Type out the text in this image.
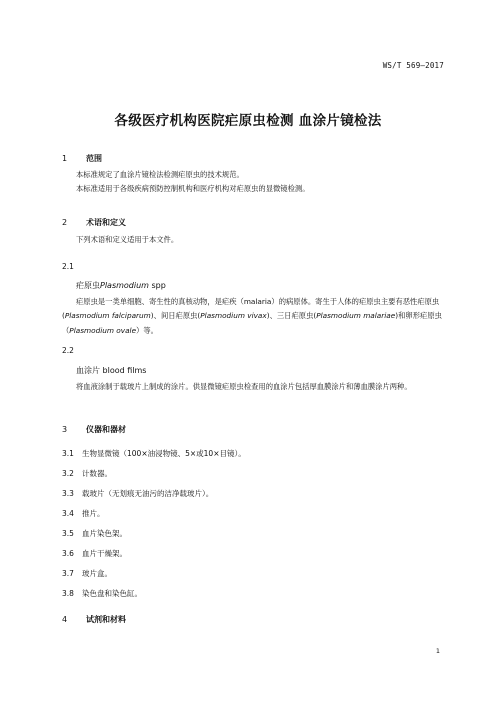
WS/T 569—2017
各级医疗机构医院疟原虫检测 血涂片镜检法
1 范围

本标准规定了血涂片镜检法检测疟原虫的技术规范。

本标准适用于各级疾病预防控制机构和医疗机构对疟原虫的显微镜检测。

2 术语和定义

下列术语和定义适用于本文件。

2.1
疟原虫Plasmodium spp

疟原虫是一类单细胞、寄生性的真核动物，是疟疾（malaria）的病原体。寄生于人体的疟原虫主要有恶性疟原虫(Plasmodium falciparum)、间日疟原虫(Plasmodium vivax)、三日疟原虫(Plasmodium malariae)和卵形疟原虫（Plasmodium ovale）等。

2.2
血涂片 blood films

将血液涂制于载玻片上制成的涂片。供显微镜疟原虫检查用的血涂片包括厚血膜涂片和薄血膜涂片两种。

3 仪器和器材
3.1 生物显微镜（100×油浸物镜、5×或10×目镜）。
3.2 计数器。
3.3 载玻片（无划痕无油污的洁净载玻片）。
3.4 推片。
3.5 血片染色架。
3.6 血片干燥架。
3.7 玻片盒。
3.8 染色盘和染色缸。
4 试剂和材料
1
